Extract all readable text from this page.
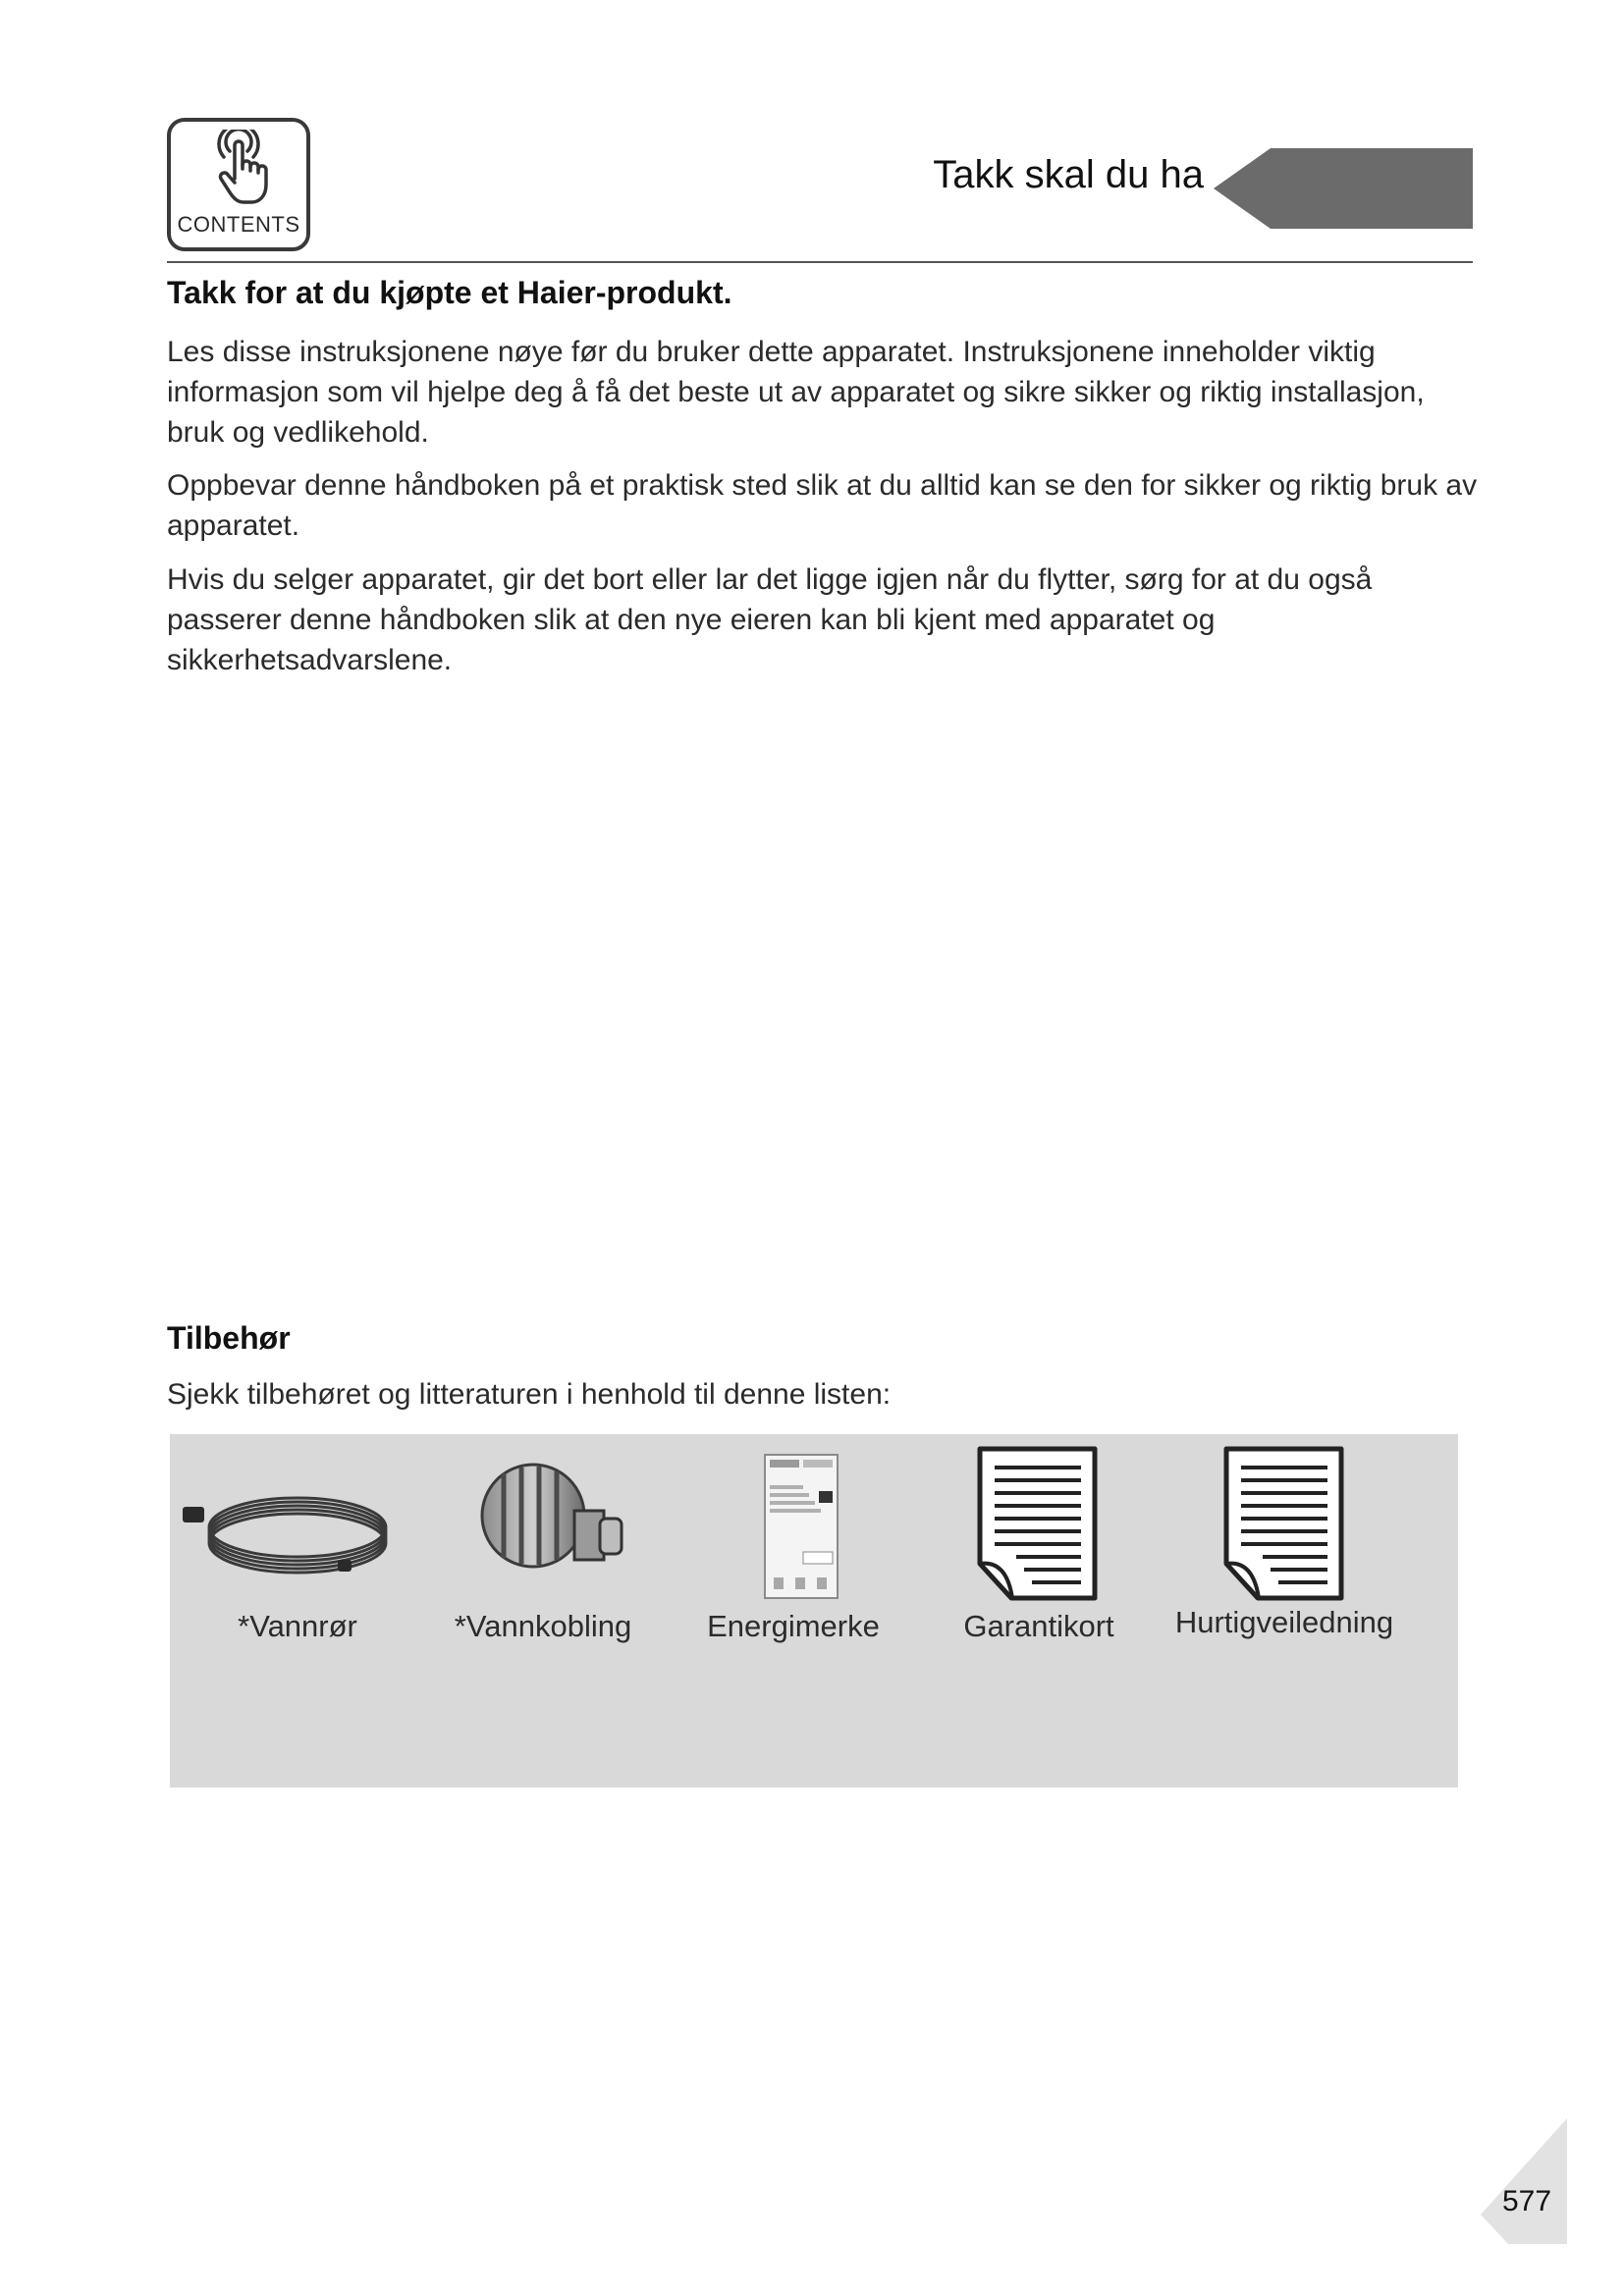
CONTENTS
Takk skal du ha
Takk for at du kjøpte et Haier-produkt.
Les disse instruksjonene nøye før du bruker dette apparatet. Instruksjonene inneholder viktig informasjon som vil hjelpe deg å få det beste ut av apparatet og sikre sikker og riktig installasjon, bruk og vedlikehold.
Oppbevar denne håndboken på et praktisk sted slik at du alltid kan se den for sikker og riktig bruk av apparatet.
Hvis du selger apparatet, gir det bort eller lar det ligge igjen når du flytter, sørg for at du også passerer denne håndboken slik at den nye eieren kan bli kjent med apparatet og sikkerhetsadvarslene.
Tilbehør
Sjekk tilbehøret og litteraturen i henhold til denne listen:
*Vannrør	*Vannkobling	Energimerke	Garantikort	Hurtigveiledning
577
